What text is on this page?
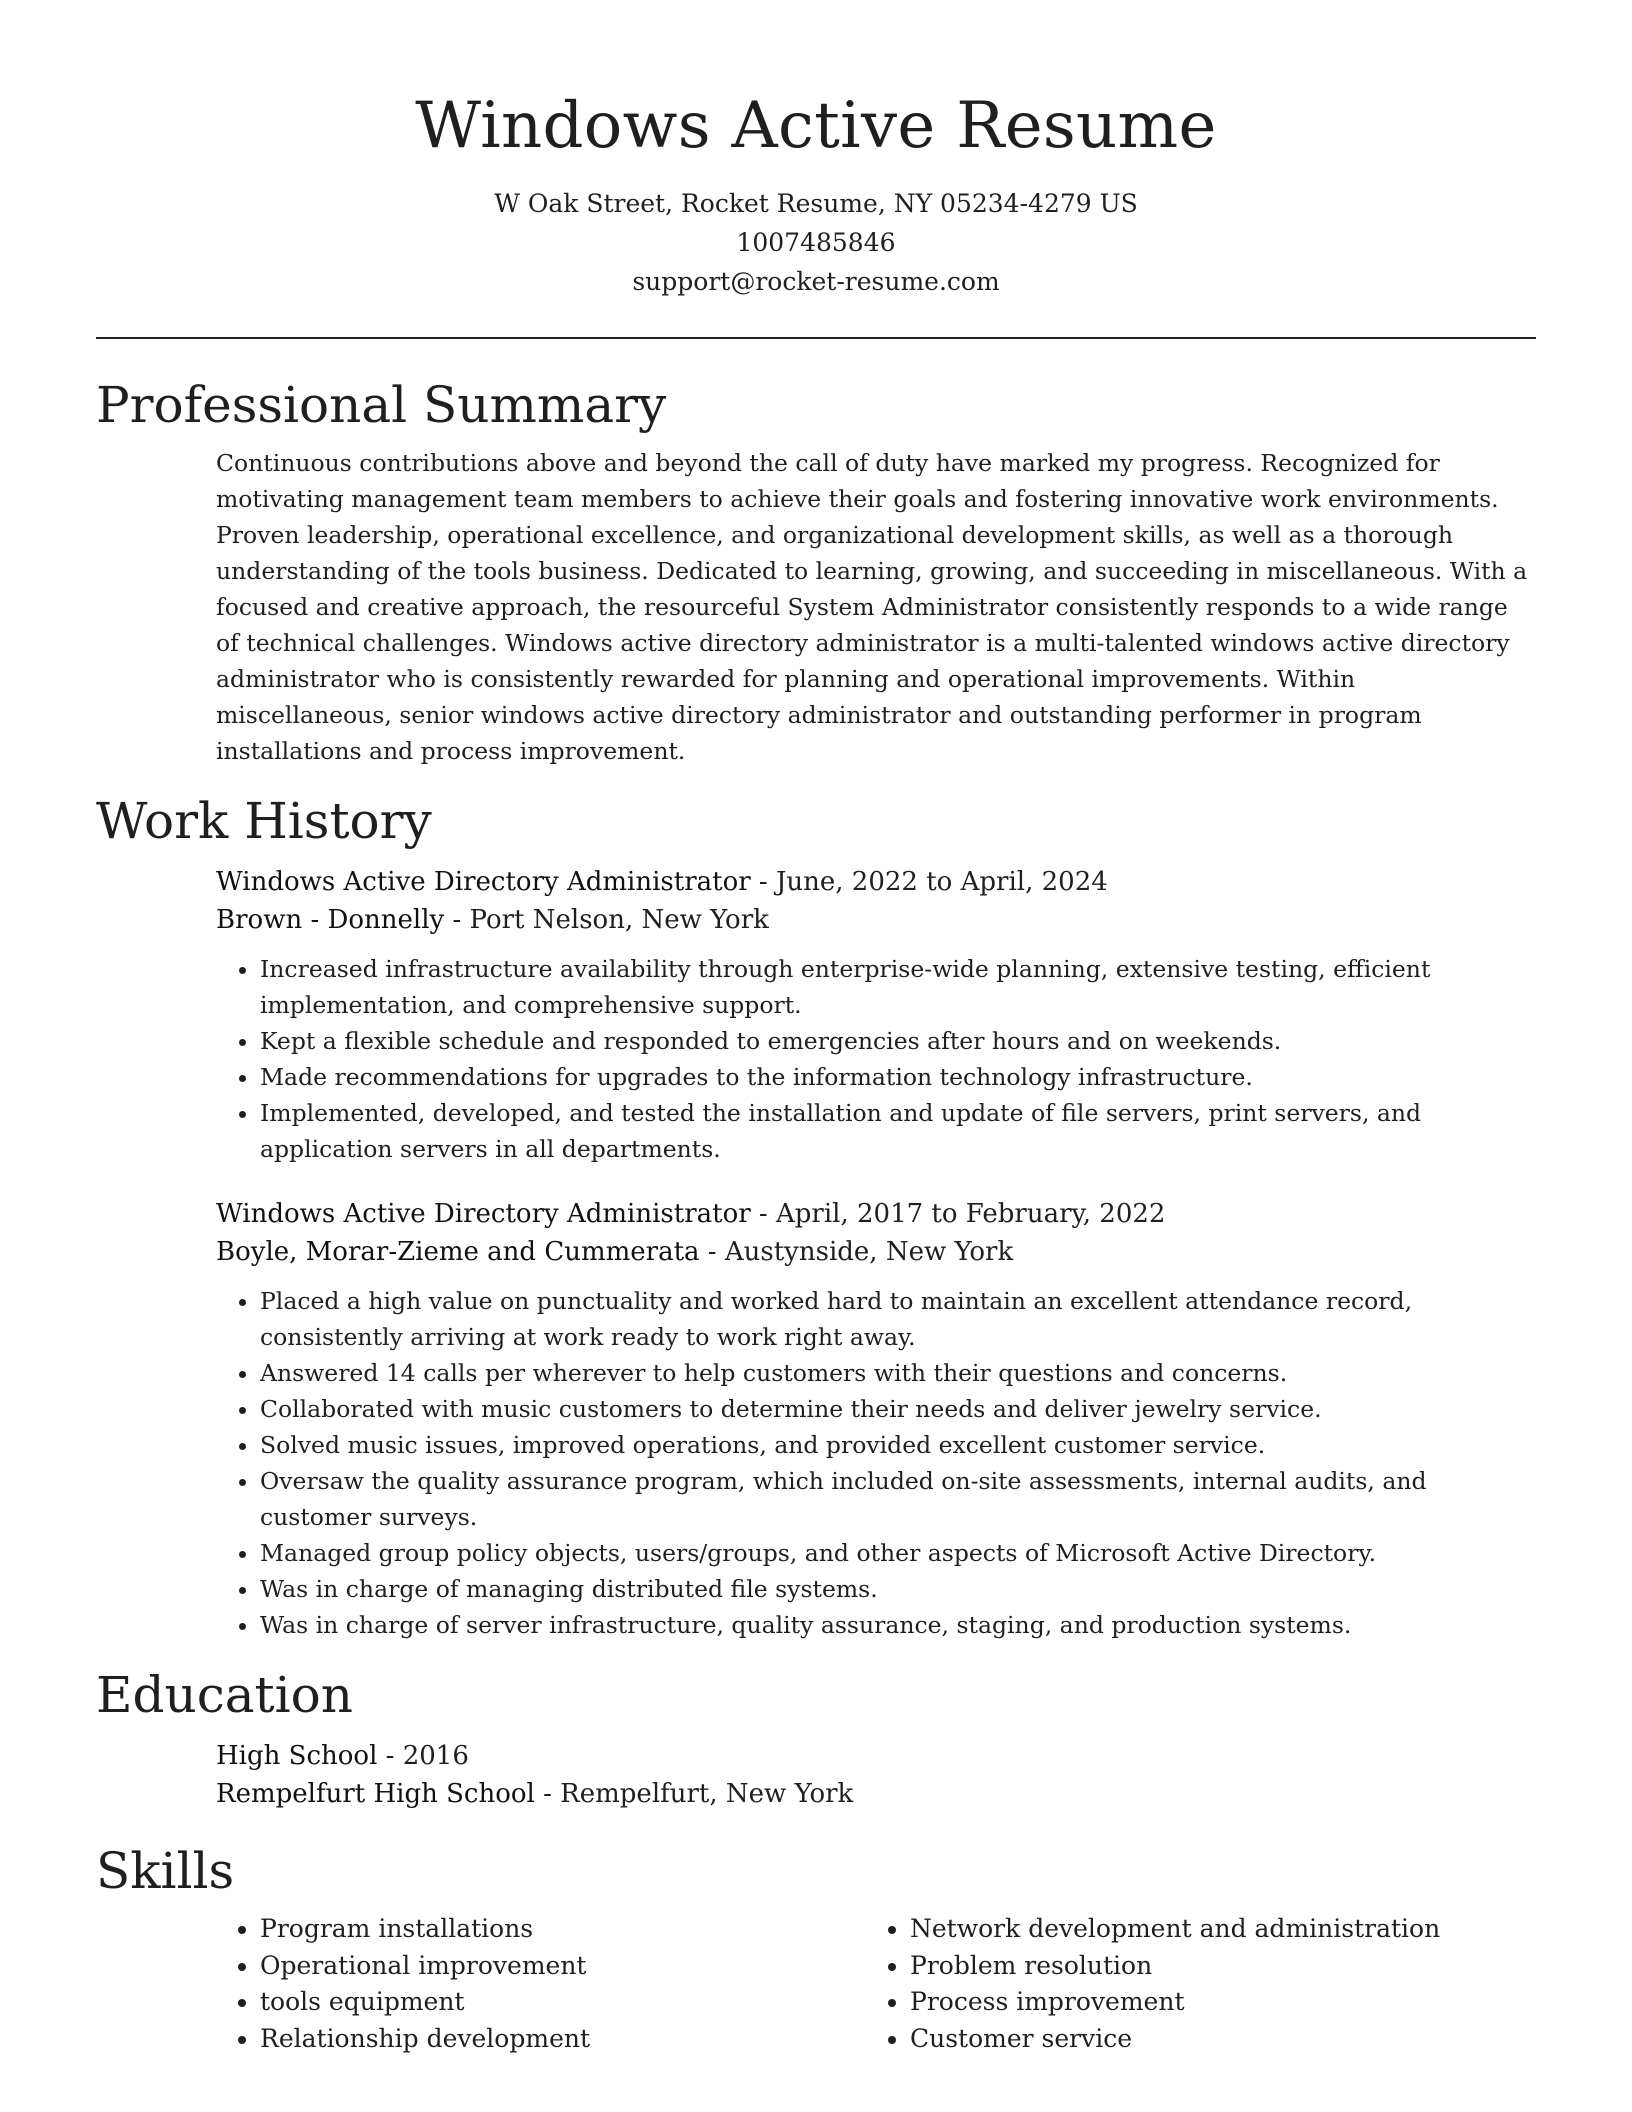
Windows Active Resume
W Oak Street, Rocket Resume, NY 05234-4279 US
1007485846
support@rocket-resume.com
Professional Summary

Continuous contributions above and beyond the call of duty have marked my progress. Recognized for motivating management team members to achieve their goals and fostering innovative work environments. Proven leadership, operational excellence, and organizational development skills, as well as a thorough understanding of the tools business. Dedicated to learning, growing, and succeeding in miscellaneous. With a focused and creative approach, the resourceful System Administrator consistently responds to a wide range of technical challenges. Windows active directory administrator is a multi-talented windows active directory administrator who is consistently rewarded for planning and operational improvements. Within miscellaneous, senior windows active directory administrator and outstanding performer in program installations and process improvement.

Work History
Windows Active Directory Administrator - June, 2022 to April, 2024
Brown - Donnelly - Port Nelson, New York
• Increased infrastructure availability through enterprise-wide planning, extensive testing, efficient implementation, and comprehensive support.
• Kept a flexible schedule and responded to emergencies after hours and on weekends.
• Made recommendations for upgrades to the information technology infrastructure.
• Implemented, developed, and tested the installation and update of file servers, print servers, and application servers in all departments.
Windows Active Directory Administrator - April, 2017 to February, 2022
Boyle, Morar-Zieme and Cummerata - Austynside, New York
• Placed a high value on punctuality and worked hard to maintain an excellent attendance record, consistently arriving at work ready to work right away.
• Answered 14 calls per wherever to help customers with their questions and concerns.
• Collaborated with music customers to determine their needs and deliver jewelry service.
• Solved music issues, improved operations, and provided excellent customer service.
• Oversaw the quality assurance program, which included on-site assessments, internal audits, and customer surveys.
• Managed group policy objects, users/groups, and other aspects of Microsoft Active Directory.
• Was in charge of managing distributed file systems.
• Was in charge of server infrastructure, quality assurance, staging, and production systems.
Education
High School - 2016
Rempelfurt High School - Rempelfurt, New York
Skills
• Program installations
• Operational improvement
• tools equipment
• Relationship development
• Network development and administration
• Problem resolution
• Process improvement
• Customer service
